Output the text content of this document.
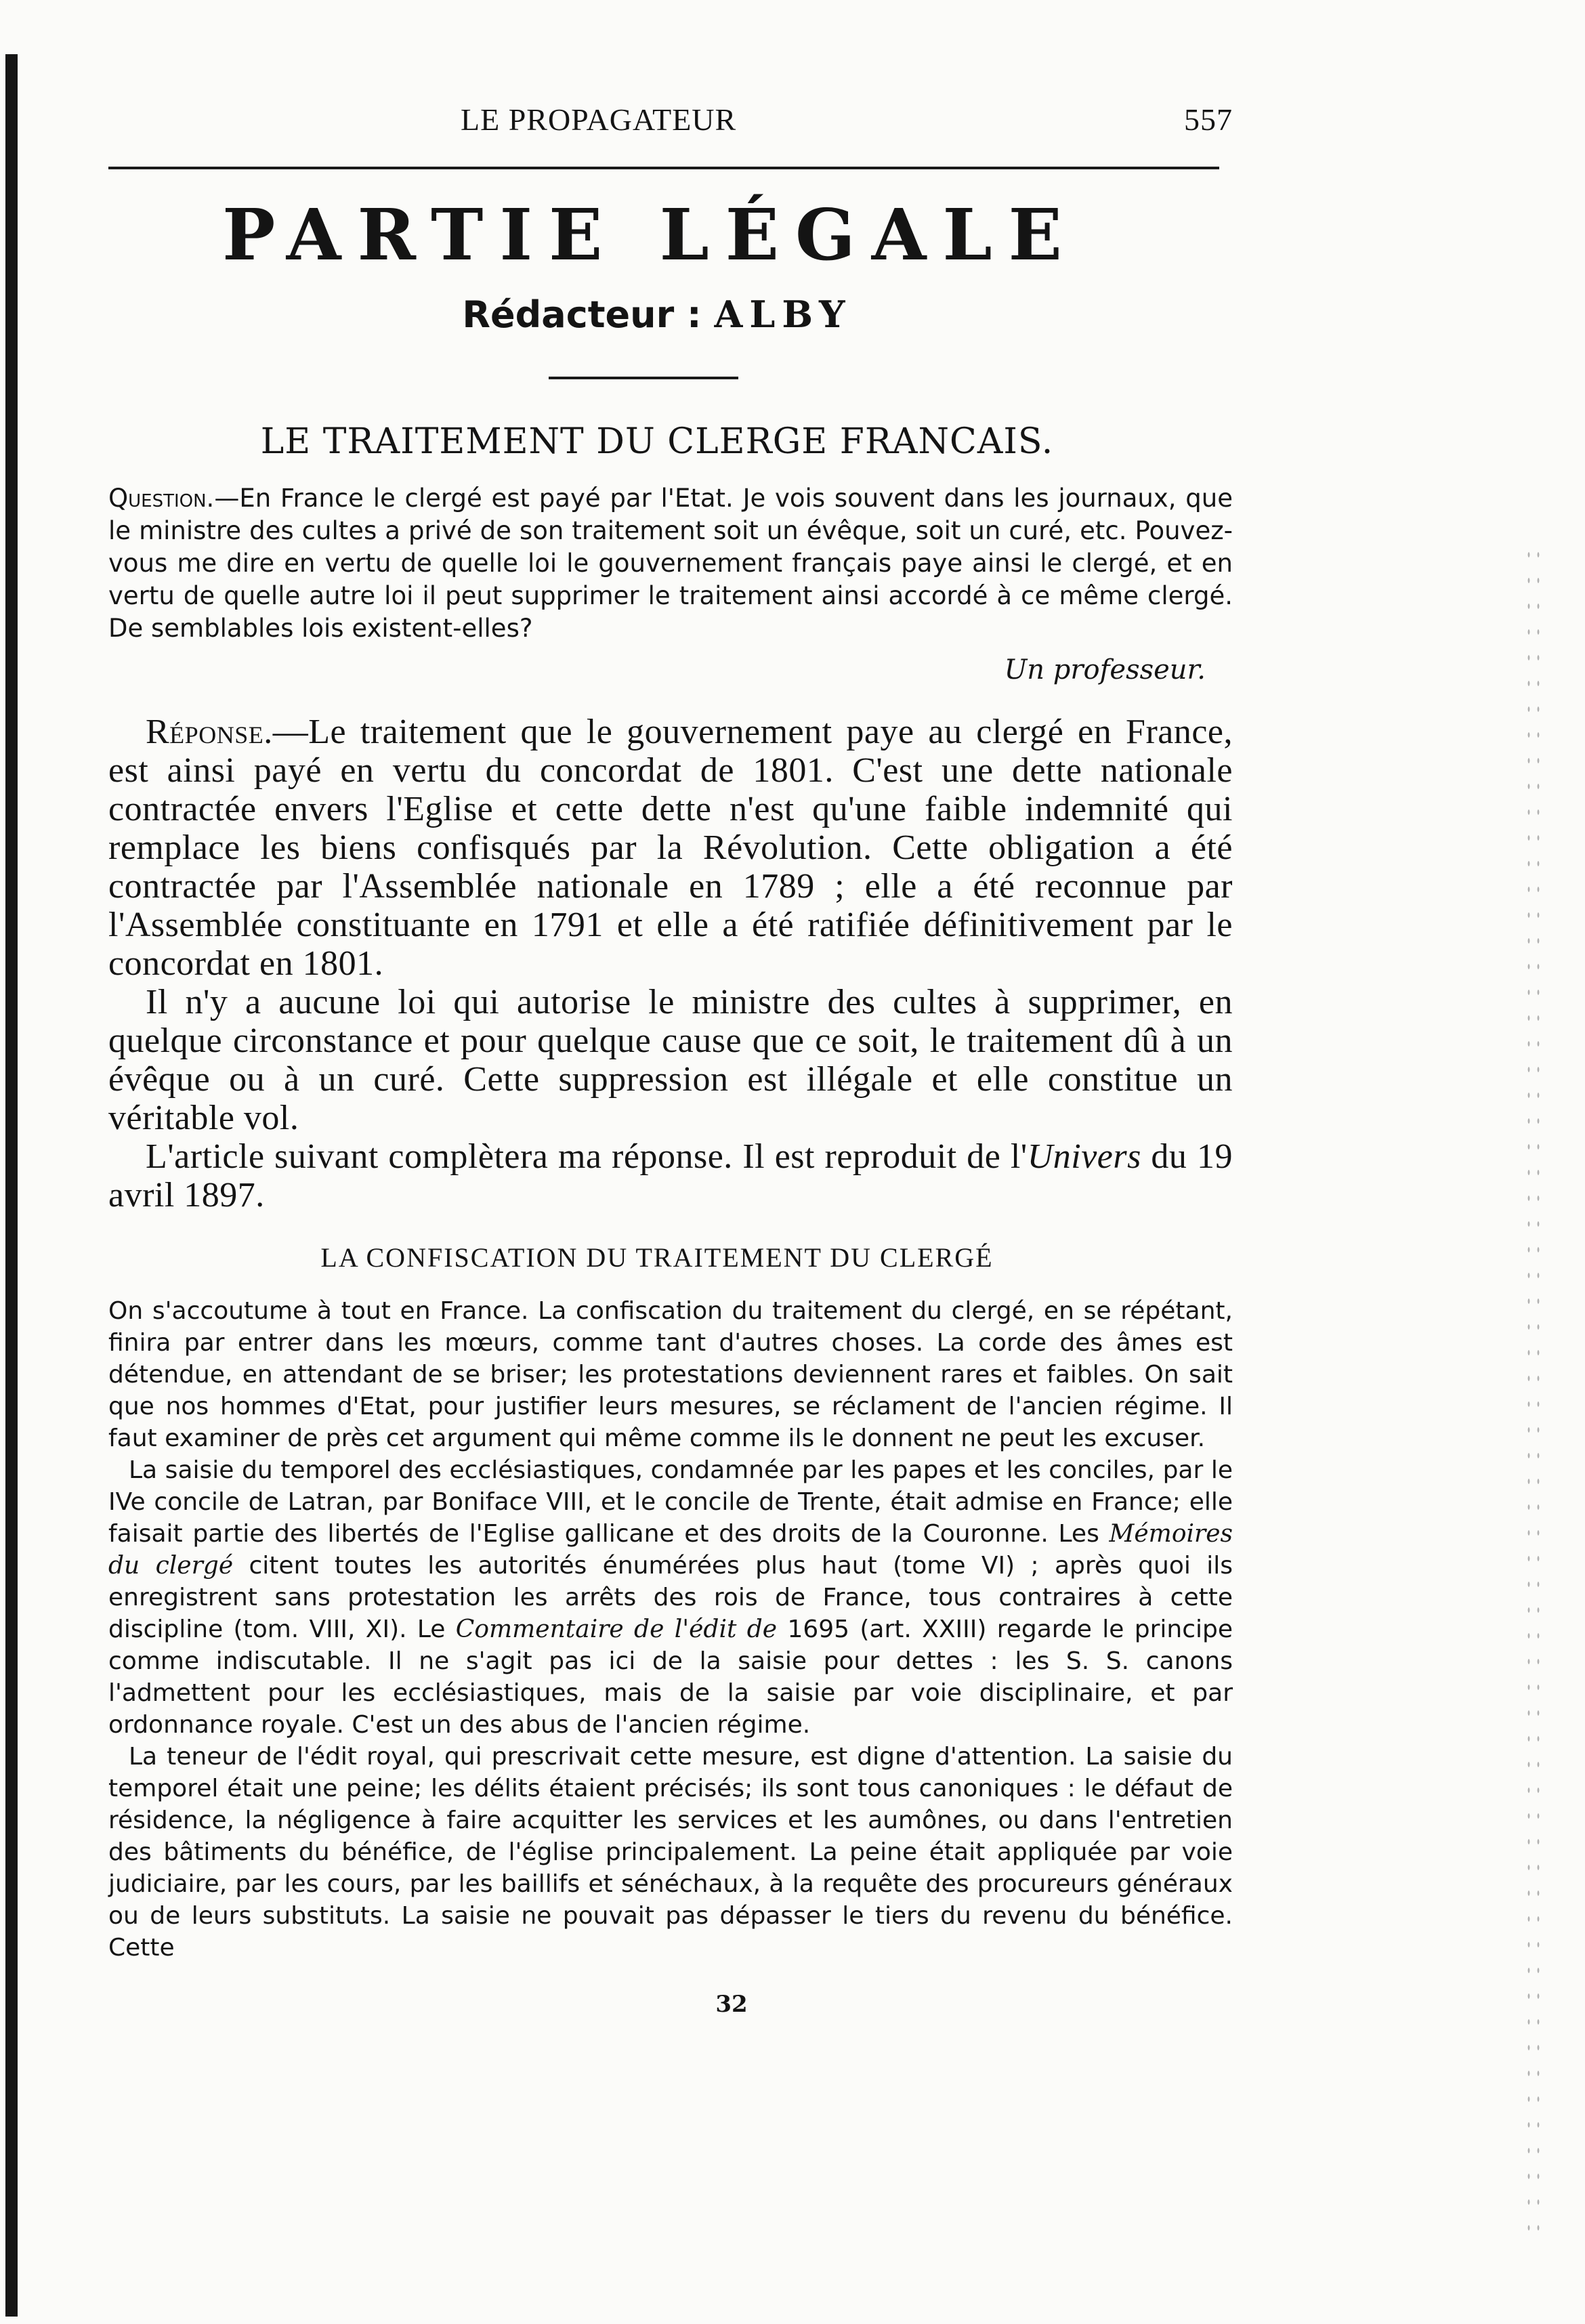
LE PROPAGATEUR	557
PARTIE LÉGALE
Rédacteur : ALBY
LE TRAITEMENT DU CLERGE FRANCAIS.
Question.—En France le clergé est payé par l'Etat. Je vois souvent dans les journaux, que le ministre des cultes a privé de son traitement soit un évêque, soit un curé, etc. Pouvez-vous me dire en vertu de quelle loi le gouvernement français paye ainsi le clergé, et en vertu de quelle autre loi il peut supprimer le traitement ainsi accordé à ce même clergé. De semblables lois existent-elles?
Un professeur.

Réponse.—Le traitement que le gouvernement paye au clergé en France, est ainsi payé en vertu du concordat de 1801. C'est une dette nationale contractée envers l'Eglise et cette dette n'est qu'une faible indemnité qui remplace les biens confisqués par la Révolution. Cette obligation a été contractée par l'Assemblée nationale en 1789 ; elle a été reconnue par l'Assemblée constituante en 1791 et elle a été ratifiée définitivement par le concordat en 1801.

Il n'y a aucune loi qui autorise le ministre des cultes à supprimer, en quelque circonstance et pour quelque cause que ce soit, le traitement dû à un évêque ou à un curé. Cette suppression est illégale et elle constitue un véritable vol.

L'article suivant complètera ma réponse. Il est reproduit de l'Univers du 19 avril 1897.

LA CONFISCATION DU TRAITEMENT DU CLERGÉ

On s'accoutume à tout en France. La confiscation du traitement du clergé, en se répétant, finira par entrer dans les mœurs, comme tant d'autres choses. La corde des âmes est détendue, en attendant de se briser; les protestations deviennent rares et faibles. On sait que nos hommes d'Etat, pour justifier leurs mesures, se réclament de l'ancien régime. Il faut examiner de près cet argument qui même comme ils le donnent ne peut les excuser.

La saisie du temporel des ecclésiastiques, condamnée par les papes et les conciles, par le IVe concile de Latran, par Boniface VIII, et le concile de Trente, était admise en France; elle faisait partie des libertés de l'Eglise gallicane et des droits de la Couronne. Les Mémoires du clergé citent toutes les autorités énumérées plus haut (tome VI) ; après quoi ils enregistrent sans protestation les arrêts des rois de France, tous contraires à cette discipline (tom. VIII, XI). Le Commentaire de l'édit de 1695 (art. XXIII) regarde le principe comme indiscutable. Il ne s'agit pas ici de la saisie pour dettes : les S. S. canons l'admettent pour les ecclésiastiques, mais de la saisie par voie disciplinaire, et par ordonnance royale. C'est un des abus de l'ancien régime.

La teneur de l'édit royal, qui prescrivait cette mesure, est digne d'attention. La saisie du temporel était une peine; les délits étaient précisés; ils sont tous canoniques : le défaut de résidence, la négligence à faire acquitter les services et les aumônes, ou dans l'entretien des bâtiments du bénéfice, de l'église principalement. La peine était appliquée par voie judiciaire, par les cours, par les baillifs et sénéchaux, à la requête des procureurs généraux ou de leurs substituts. La saisie ne pouvait pas dépasser le tiers du revenu du bénéfice. Cette

32
